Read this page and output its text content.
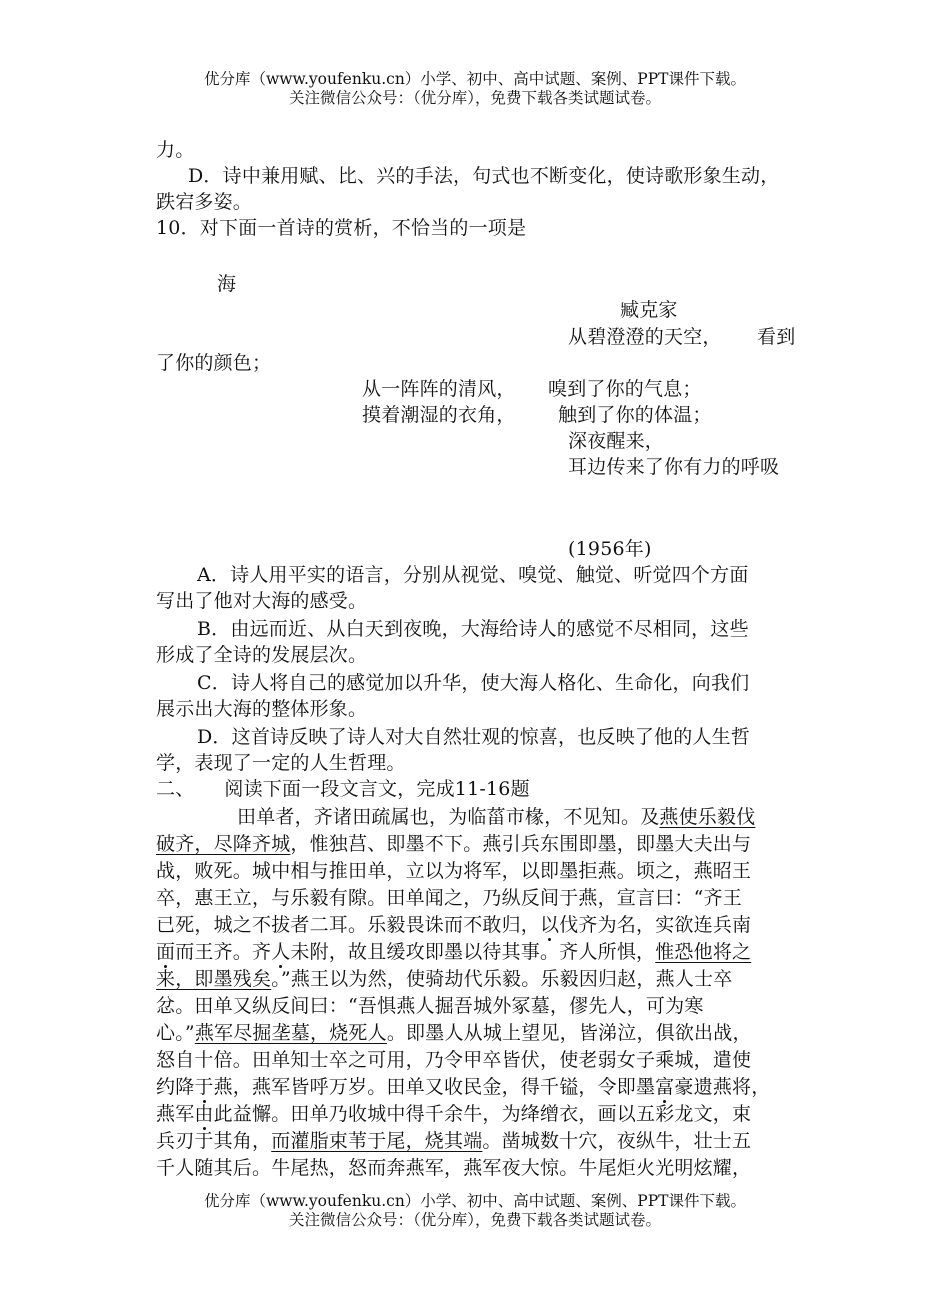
优分库（www.youfenku.cn）小学、初中、高中试题、案例、PPT课件下载。
关注微信公众号：（优分库），免费下载各类试题试卷。
力。
D．诗中兼用赋、比、兴的手法，句式也不断变化，使诗歌形象生动，
跌宕多姿。
10．对下面一首诗的赏析，不恰当的一项是
海
臧克家
从碧澄澄的天空， 看到
了你的颜色；
从一阵阵的清风， 嗅到了你的气息；
摸着潮湿的衣角， 触到了你的体温；
深夜醒来，
耳边传来了你有力的呼吸
(1956年)
A．诗人用平实的语言，分别从视觉、嗅觉、触觉、听觉四个方面
写出了他对大海的感受。
B．由远而近、从白天到夜晚，大海给诗人的感觉不尽相同，这些
形成了全诗的发展层次。
C．诗人将自己的感觉加以升华，使大海人格化、生命化，向我们
展示出大海的整体形象。
D．这首诗反映了诗人对大自然壮观的惊喜，也反映了他的人生哲
学，表现了一定的人生哲理。
二、 阅读下面一段文言文，完成11-16题
田单者，齐诸田疏属也，为临菑市椽，不见知。及燕使乐毅伐
破齐，尽降齐城，惟独莒、即墨不下。燕引兵东围即墨，即墨大夫出与
战，败死。城中相与推田单，立以为将军，以即墨拒燕。顷之，燕昭王
卒，惠王立，与乐毅有隙。田单闻之，乃纵反间于燕，宣言曰：“齐王
已死，城之不拔者二耳。乐毅畏诛而不敢归，以伐齐为名，实欲连兵南
面而王齐。齐人未附，故且缓攻即墨以待其事。齐人所惧，惟恐他将之
来，即墨残矣。”燕王以为然，使骑劫代乐毅。乐毅因归赵，燕人士卒
忿。田单又纵反间曰：“吾惧燕人掘吾城外冢墓，僇先人，可为寒
心。”燕军尽掘垄墓，烧死人。即墨人从城上望见，皆涕泣，俱欲出战，
怒自十倍。田单知士卒之可用，乃令甲卒皆伏，使老弱女子乘城，遣使
约降于燕，燕军皆呼万岁。田单又收民金，得千镒，令即墨富豪遗燕将，
燕军由此益懈。田单乃收城中得千余牛，为绛缯衣，画以五彩龙文，束
兵刃于其角，而灌脂束苇于尾，烧其端。凿城数十穴，夜纵牛，壮士五
千人随其后。牛尾热，怒而奔燕军，燕军夜大惊。牛尾炬火光明炫耀，
优分库（www.youfenku.cn）小学、初中、高中试题、案例、PPT课件下载。
关注微信公众号：（优分库），免费下载各类试题试卷。
